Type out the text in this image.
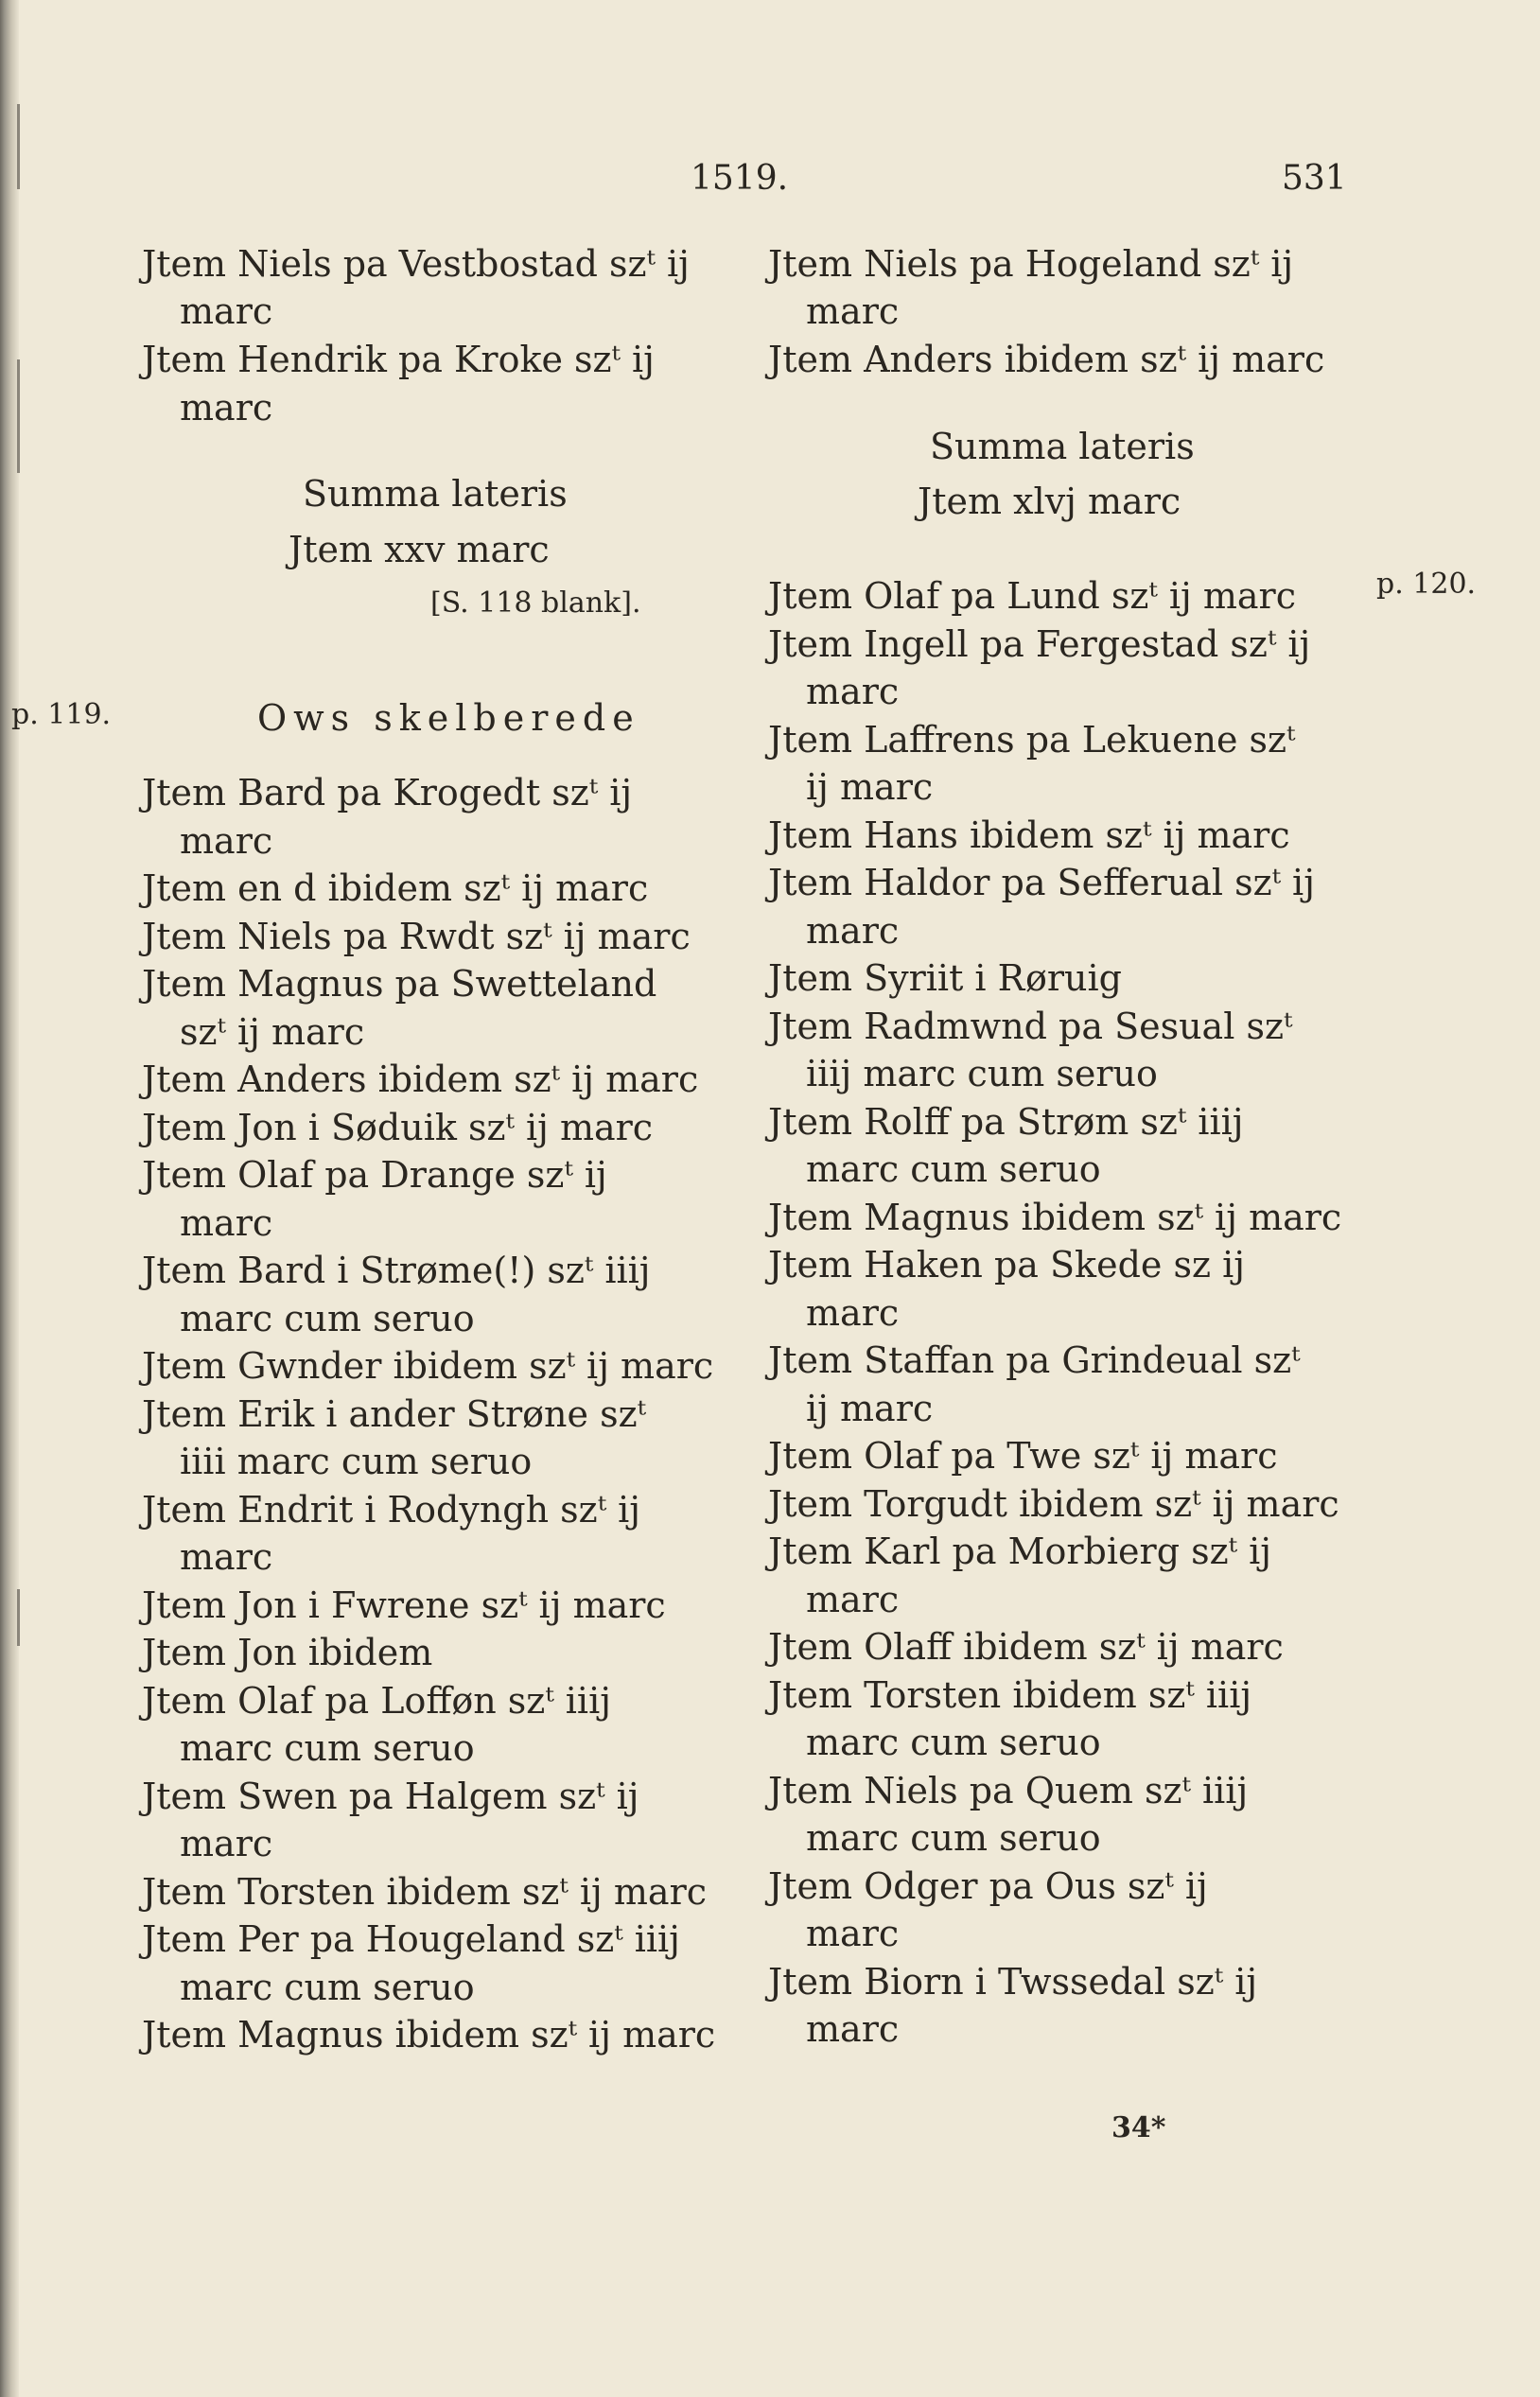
1519.	531
p. 119.
p. 120.
Jtem Niels pa Vestbostad szᵗ ij
marc
Jtem Hendrik pa Kroke szᵗ ij
marc
Summa lateris
Jtem xxv marc
[S. 118 blank].
Ows skelberede
Jtem Bard pa Krogedt szᵗ ij
marc
Jtem en d ibidem szᵗ ij marc
Jtem Niels pa Rwdt szᵗ ij marc
Jtem Magnus pa Swetteland
szᵗ ij marc
Jtem Anders ibidem szᵗ ij marc
Jtem Jon i Søduik szᵗ ij marc
Jtem Olaf pa Drange szᵗ ij
marc
Jtem Bard i Strøme(!) szᵗ iiij
marc cum seruo
Jtem Gwnder ibidem szᵗ ij marc
Jtem Erik i ander Strøne szᵗ
iiii marc cum seruo
Jtem Endrit i Rodyngh szᵗ ij
marc
Jtem Jon i Fwrene szᵗ ij marc
Jtem Jon ibidem
Jtem Olaf pa Lofføn szᵗ iiij
marc cum seruo
Jtem Swen pa Halgem szᵗ ij
marc
Jtem Torsten ibidem szᵗ ij marc
Jtem Per pa Hougeland szᵗ iiij
marc cum seruo
Jtem Magnus ibidem szᵗ ij marc
Jtem Niels pa Hogeland szᵗ ij
marc
Jtem Anders ibidem szᵗ ij marc
Summa lateris
Jtem xlvj marc
Jtem Olaf pa Lund szᵗ ij marc
Jtem Ingell pa Fergestad szᵗ ij
marc
Jtem Laffrens pa Lekuene szᵗ
ij marc
Jtem Hans ibidem szᵗ ij marc
Jtem Haldor pa Sefferual szᵗ ij
marc
Jtem Syriit i Røruig
Jtem Radmwnd pa Sesual szᵗ
iiij marc cum seruo
Jtem Rolff pa Strøm szᵗ iiij
marc cum seruo
Jtem Magnus ibidem szᵗ ij marc
Jtem Haken pa Skede sz ij
marc
Jtem Staffan pa Grindeual szᵗ
ij marc
Jtem Olaf pa Twe szᵗ ij marc
Jtem Torgudt ibidem szᵗ ij marc
Jtem Karl pa Morbierg szᵗ ij
marc
Jtem Olaff ibidem szᵗ ij marc
Jtem Torsten ibidem szᵗ iiij
marc cum seruo
Jtem Niels pa Quem szᵗ iiij
marc cum seruo
Jtem Odger pa Ous szᵗ ij
marc
Jtem Biorn i Twssedal szᵗ ij
marc
34*
